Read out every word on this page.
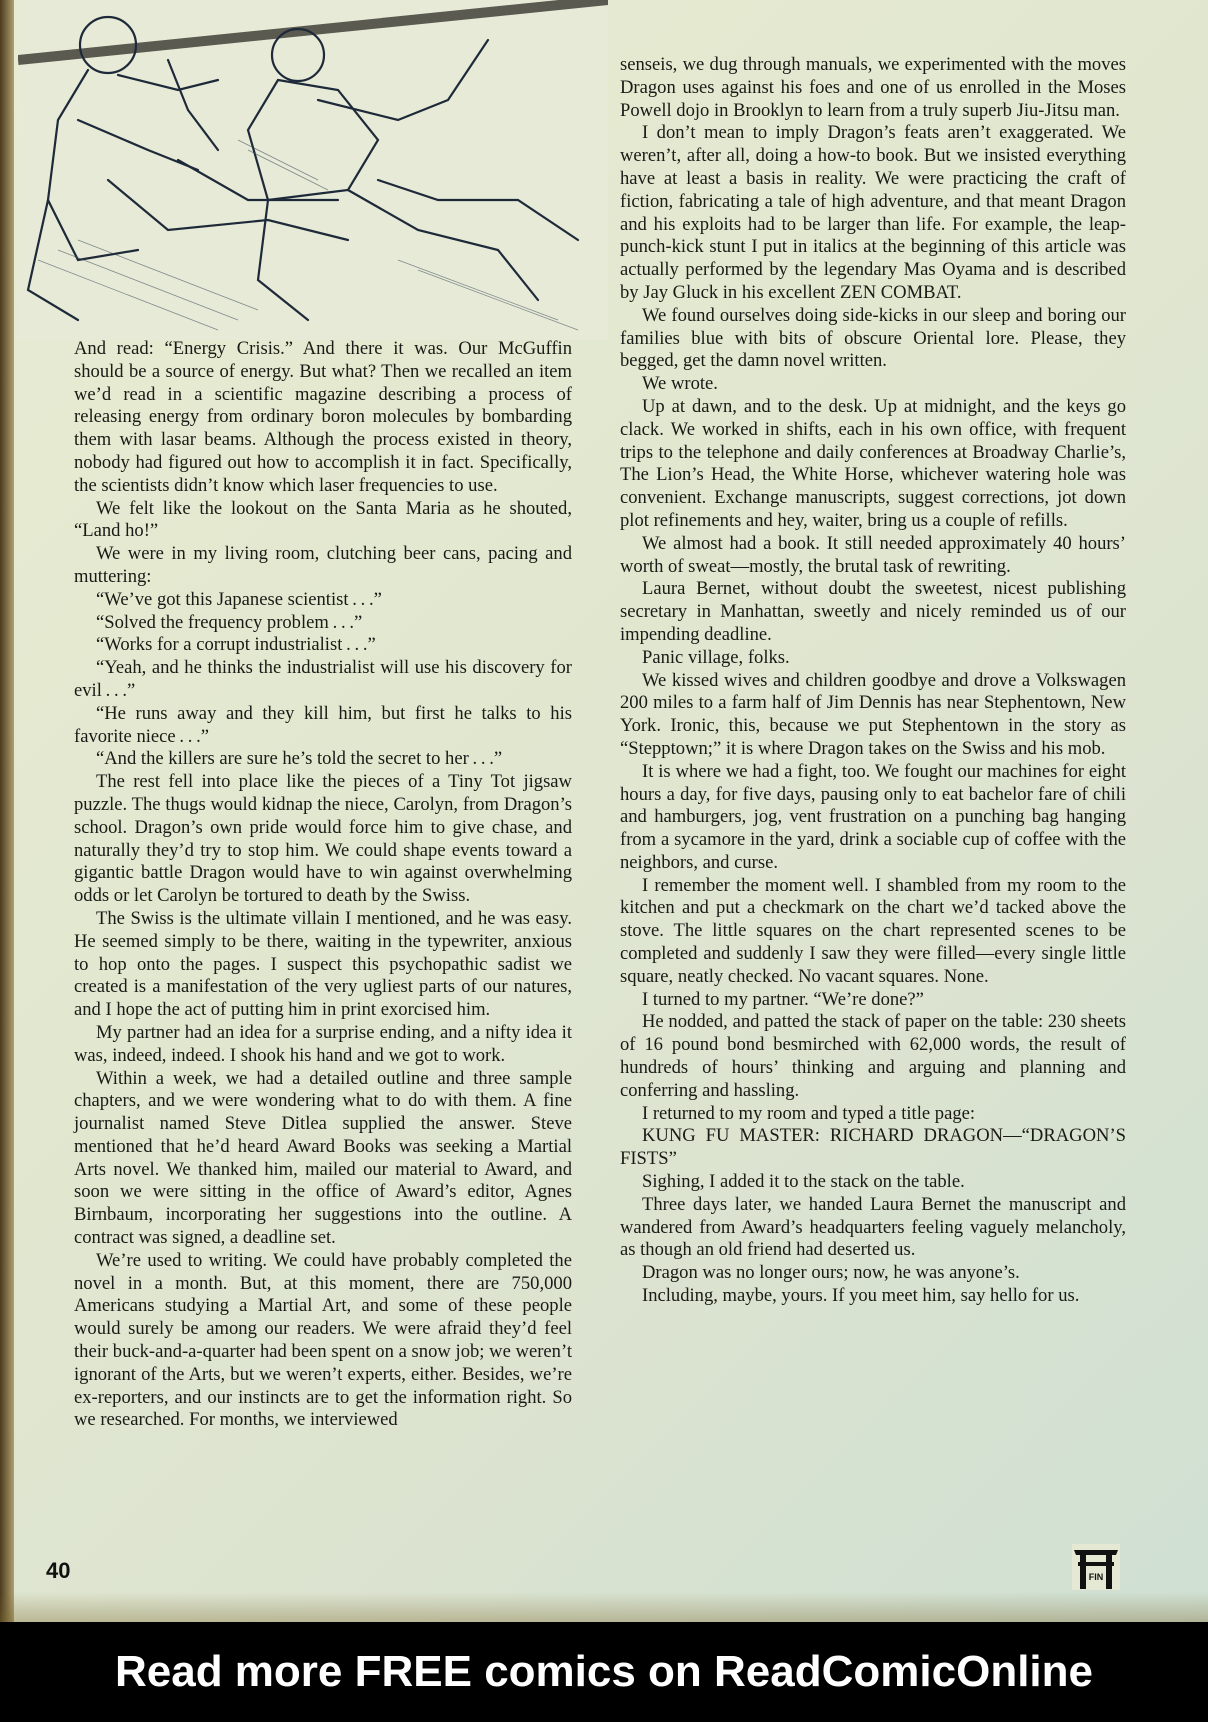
And read: “Energy Crisis.” And there it was. Our McGuffin should be a source of energy. But what? Then we recalled an item we’d read in a scientific magazine describing a process of releasing energy from ordinary boron molecules by bombarding them with lasar beams. Although the process existed in theory, nobody had figured out how to accomplish it in fact. Specifically, the scientists didn’t know which laser frequencies to use.

We felt like the lookout on the Santa Maria as he shouted, “Land ho!”

We were in my living room, clutching beer cans, pacing and muttering:

“We’ve got this Japanese scientist . . .”

“Solved the frequency problem . . .”

“Works for a corrupt industrialist . . .”

“Yeah, and he thinks the industrialist will use his discovery for evil . . .”

“He runs away and they kill him, but first he talks to his favorite niece . . .”

“And the killers are sure he’s told the secret to her . . .”

The rest fell into place like the pieces of a Tiny Tot jigsaw puzzle. The thugs would kidnap the niece, Carolyn, from Dragon’s school. Dragon’s own pride would force him to give chase, and naturally they’d try to stop him. We could shape events toward a gigantic battle Dragon would have to win against overwhelming odds or let Carolyn be tortured to death by the Swiss.

The Swiss is the ultimate villain I mentioned, and he was easy. He seemed simply to be there, waiting in the typewriter, anxious to hop onto the pages. I suspect this psychopathic sadist we created is a manifestation of the very ugliest parts of our natures, and I hope the act of putting him in print exorcised him.

My partner had an idea for a surprise ending, and a nifty idea it was, indeed, indeed. I shook his hand and we got to work.

Within a week, we had a detailed outline and three sample chapters, and we were wondering what to do with them. A fine journalist named Steve Ditlea supplied the answer. Steve mentioned that he’d heard Award Books was seeking a Martial Arts novel. We thanked him, mailed our material to Award, and soon we were sitting in the office of Award’s editor, Agnes Birnbaum, incorporating her suggestions into the outline. A contract was signed, a deadline set.

We’re used to writing. We could have probably completed the novel in a month. But, at this moment, there are 750,000 Americans studying a Martial Art, and some of these people would surely be among our readers. We were afraid they’d feel their buck-and-a-quarter had been spent on a snow job; we weren’t ignorant of the Arts, but we weren’t experts, either. Besides, we’re ex-reporters, and our instincts are to get the information right. So we researched. For months, we interviewed

senseis, we dug through manuals, we experimented with the moves Dragon uses against his foes and one of us enrolled in the Moses Powell dojo in Brooklyn to learn from a truly superb Jiu-Jitsu man.

I don’t mean to imply Dragon’s feats aren’t exaggerated. We weren’t, after all, doing a how-to book. But we insisted everything have at least a basis in reality. We were practicing the craft of fiction, fabricating a tale of high adventure, and that meant Dragon and his exploits had to be larger than life. For example, the leap-punch-kick stunt I put in italics at the beginning of this article was actually performed by the legendary Mas Oyama and is described by Jay Gluck in his excellent ZEN COMBAT.

We found ourselves doing side-kicks in our sleep and boring our families blue with bits of obscure Oriental lore. Please, they begged, get the damn novel written.

We wrote.

Up at dawn, and to the desk. Up at midnight, and the keys go clack. We worked in shifts, each in his own office, with frequent trips to the telephone and daily conferences at Broadway Charlie’s, The Lion’s Head, the White Horse, whichever watering hole was convenient. Exchange manuscripts, suggest corrections, jot down plot refinements and hey, waiter, bring us a couple of refills.

We almost had a book. It still needed approximately 40 hours’ worth of sweat—mostly, the brutal task of rewriting.

Laura Bernet, without doubt the sweetest, nicest publishing secretary in Manhattan, sweetly and nicely reminded us of our impending deadline.

Panic village, folks.

We kissed wives and children goodbye and drove a Volkswagen 200 miles to a farm half of Jim Dennis has near Stephentown, New York. Ironic, this, because we put Stephentown in the story as “Stepptown;” it is where Dragon takes on the Swiss and his mob.

It is where we had a fight, too. We fought our machines for eight hours a day, for five days, pausing only to eat bachelor fare of chili and hamburgers, jog, vent frustration on a punching bag hanging from a sycamore in the yard, drink a sociable cup of coffee with the neighbors, and curse.

I remember the moment well. I shambled from my room to the kitchen and put a checkmark on the chart we’d tacked above the stove. The little squares on the chart represented scenes to be completed and suddenly I saw they were filled—every single little square, neatly checked. No vacant squares. None.

I turned to my partner. “We’re done?”

He nodded, and patted the stack of paper on the table: 230 sheets of 16 pound bond besmirched with 62,000 words, the result of hundreds of hours’ thinking and arguing and planning and conferring and hassling.

I returned to my room and typed a title page:

KUNG FU MASTER: RICHARD DRAGON—“DRAGON’S FISTS”

Sighing, I added it to the stack on the table.

Three days later, we handed Laura Bernet the manuscript and wandered from Award’s headquarters feeling vaguely melancholy, as though an old friend had deserted us.

Dragon was no longer ours; now, he was anyone’s.

Including, maybe, yours. If you meet him, say hello for us.

40	FIN
Read more FREE comics on ReadComicOnline
